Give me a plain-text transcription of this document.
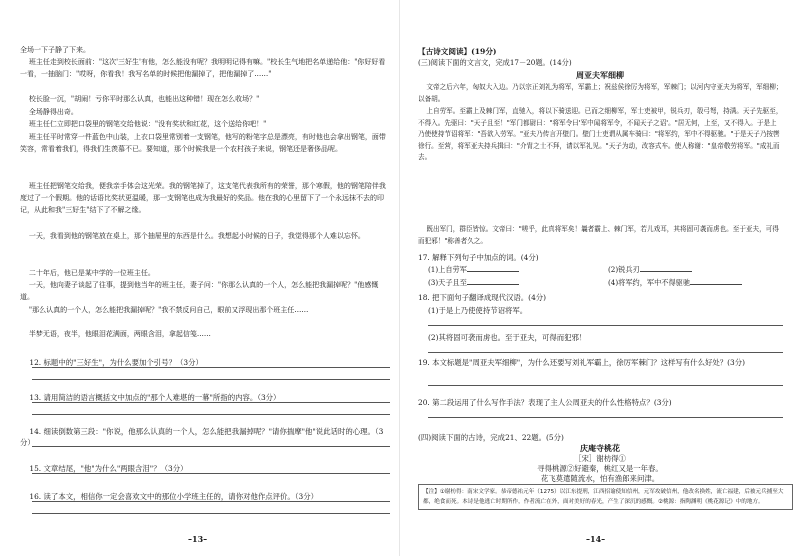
全场一下子静了下来。

班主任走到校长面前："这次'三好生'有他，怎么能没有呢？我明明记得有嘛。"校长生气地把名单递给他："你好好看一看，一抽脑门："哎呀，你看我！我写名单的时候把他漏掉了，把他漏掉了……"

校长脸一沉，"胡闹！亏你平时那么认真，也能出这种错！现在怎么收场？"

全场静得出奇。

班主任仁立即把口袋里的钢笔交给他说："没有奖状和红花，这个送给你吧！"

班主任平时常穿一件蓝色中山装，上衣口袋里常别着一支钢笔，他写的粉笔字总是漂亮，有时他也会拿出钢笔，面带笑容，常看着我们，得我们生羡慕不已。要知道，那个时候我是一个农村孩子来说，钢笔还是奢侈品呢。

班主任把钢笔交给我，便我亲手体会这光荣。我的钢笔掉了，这支笔代表我所有的荣誉，那个寒假，他的钢笔陪伴我度过了一个假期。他的话语比奖状更温暖，那一支钢笔也成为我最好的奖品。他在我的心里留下了一个永远抹不去的印记，从此和我"三好生"结下了不解之缘。

一天，我看到他的钢笔放在桌上，那个抽屉里的东西是什么。我想起小时候的日子，我觉得那个人难以忘怀。

二十年后，他已是某中学的一位班主任。

一天，他向妻子谈起了往事，提到他当年的班主任，妻子问："你那么认真的一个人，怎么能把我漏掉呢？"他感慨道。

"那么认真的一个人，怎么能把我漏掉呢？"我不禁反问自己，眼前又浮现出那个班主任……

半梦无语，夜半，他眼泪花满面，两眼含泪，拿起信笺……

12. 标题中的"三好生"，为什么要加个引号？（3分）

13. 请用简洁的语言概括文中加点的"那个人难堪的一幕"所指的内容。（3分）

14. 细读倒数第三段："你说，他那么认真的一个人，怎么能把我漏掉呢？"请你揣摩"他"说此话时的心理。（3分）

15. 文章结尾，"他"为什么"两眼含泪"？（3分）

16. 读了本文，相信你一定会喜欢文中的那位小学班主任的，请你对他作点评价。（3分）

–13–
【古诗文阅读】(19分)
(三)阅读下面的文言文，完成17－20题。(14分)
周亚夫军细柳

文帝之后六年，匈奴大入边。乃以宗正刘礼为将军，军霸上；祝兹侯徐厉为将军，军棘门；以河内守亚夫为将军，军细柳；以备胡。

上自劳军。至霸上及棘门军，直驰入，将以下骑送迎。已而之细柳军，军士吏被甲，锐兵刃，彀弓弩，持满。天子先驱至，不得入。先驱曰："天子且至！"军门都尉曰："将军令曰'军中闻将军令，不闻天子之诏'。"居无何，上至，又不得入。于是上乃使使持节诏将军："吾欲入劳军。"亚夫乃传言开壁门。壁门士吏谓从属车骑曰："将军约，军中不得驱驰。"于是天子乃按辔徐行。至营，将军亚夫持兵揖曰："介胄之士不拜，请以军礼见。"天子为动，改容式车。使人称谢："皇帝敬劳将军。"成礼而去。

既出军门，群臣皆惊。文帝曰："嗟乎，此真将军矣！曩者霸上、棘门军，若儿戏耳，其将固可袭而虏也。至于亚夫，可得而犯邪！"称善者久之。

17. 解释下列句子中加点的词。(4分)
(1)上自劳军	(2)锐兵刃
(3)天子且至	(4)将军约，军中不得驱驰
18. 把下面句子翻译成现代汉语。(4分)
(1)于是上乃使使持节诏将军。
(2)其将固可袭而虏也。至于亚夫，可得而犯邪！
19. 本文标题是"周亚夫军细柳"，为什么还要写刘礼军霸上，徐厉军棘门？这样写有什么好处？(3分)
20. 第二段运用了什么写作手法？表现了主人公周亚夫的什么性格特点？(3分)
(四)阅读下面的古诗，完成21、22题。(5分)
庆庵寺桃花
［宋］谢枋得①
寻得桃源②好避秦，桃红又是一年春。
花飞莫遣随流水，怕有渔郎来问津。
【注】①谢枋得：南宋文学家。恭帝德祐元年（1275）以江东提刑，江西招谕使知信州，元军攻破信州，他改名换姓，流亡福建，后被元兵捕至大都，绝食而死。本诗是他逃亡时期所作，作者流亡在外，面对美好的春光，产生了深沉的感慨。②桃源：指陶渊明《桃花源记》中的地方。
–14–
